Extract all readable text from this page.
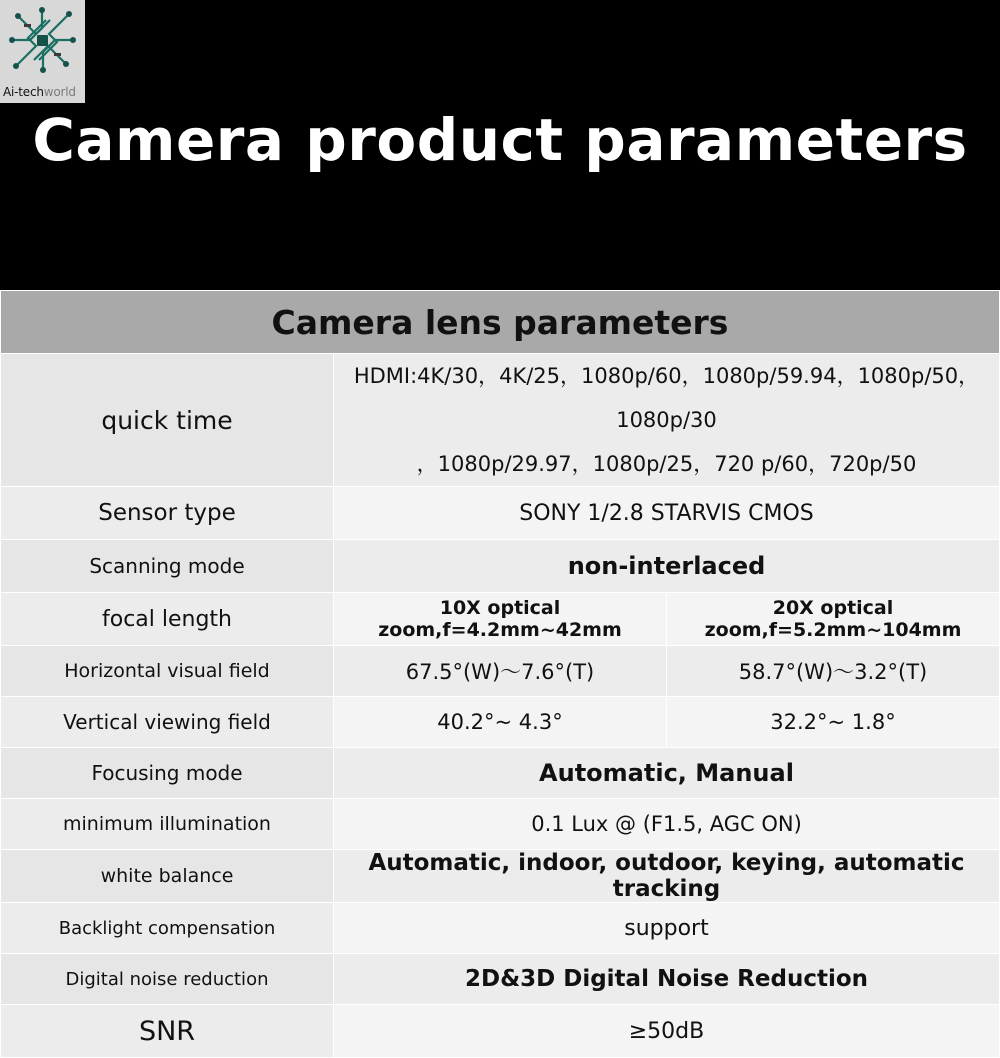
Ai-techworld
Camera product parameters
Camera lens parameters		
quick time	HDMI:4K/30，4K/25，1080p/60，1080p/59.94，1080p/50，1080p/30
，1080p/29.97，1080p/25，720 p/60，720p/50	

Sensor type	SONY 1/2.8 STARVIS CMOS	
Scanning mode	non-interlaced	
focal length	10X optical zoom,f=4.2mm~42mm	20X optical zoom,f=5.2mm~104mm
Horizontal visual field	67.5°(W)～7.6°(T)	58.7°(W)～3.2°(T)
Vertical viewing field	40.2°~ 4.3°	32.2°~ 1.8°
Focusing mode	Automatic, Manual	
minimum illumination	0.1 Lux @ (F1.5, AGC ON)	
white balance	Automatic, indoor, outdoor, keying, automatic tracking	
Backlight compensation	support	
Digital noise reduction	2D&3D Digital Noise Reduction	
SNR	≥50dB	
